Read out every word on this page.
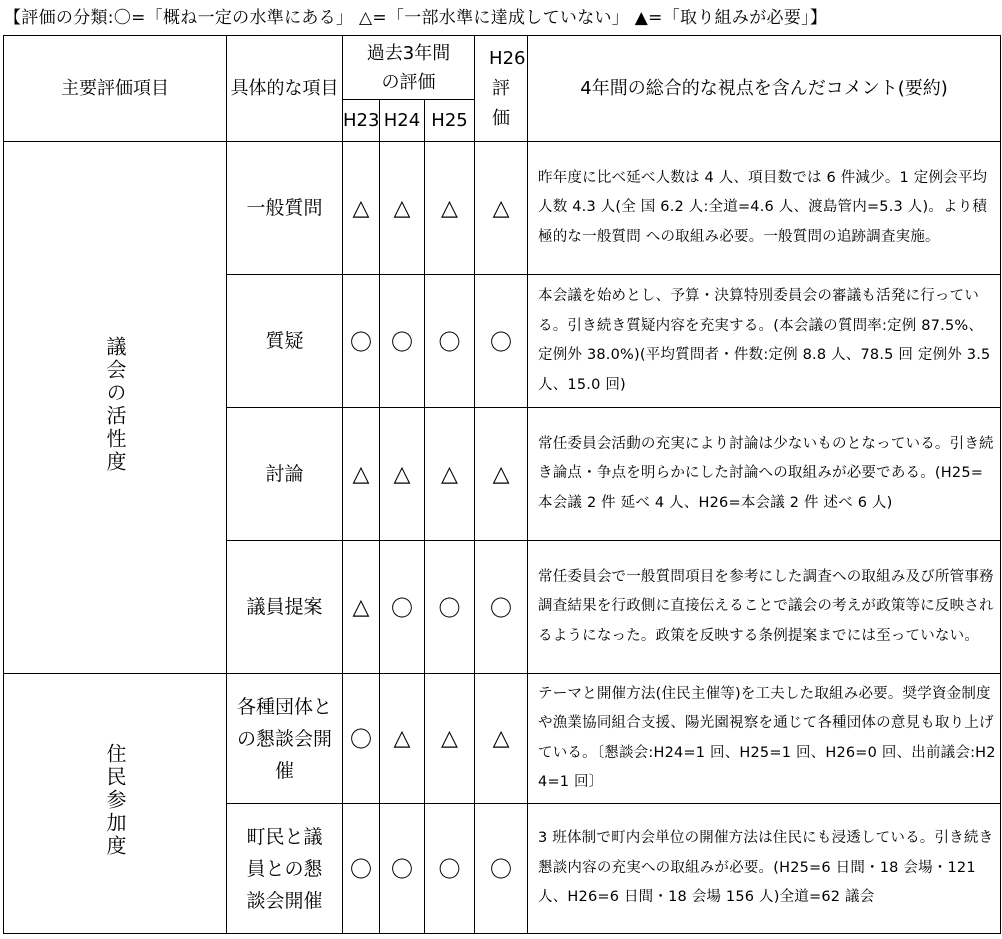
【評価の分類:〇=「概ね一定の水準にある」 △=「一部水準に達成していない」 ▲=「取り組みが必要」】
主要評価項目	具体的な項目	過去3年間の評価			H26評価	4年間の総合的な視点を含んだコメント(要約)
		H23	H24	H25		
議会の活性度	一般質問	△	△	△	△	昨年度に比べ延べ人数は 4 人、項目数では 6 件減少。1 定例会平均人数 4.3 人(全 国 6.2 人:全道=4.6 人、渡島管内=5.3 人)。より積極的な一般質問 への取組み必要。一般質問の追跡調査実施。
	質疑	〇	〇	〇	〇	本会議を始めとし、予算・決算特別委員会の審議も活発に行っている。引き続き質疑内容を充実する。(本会議の質問率:定例 87.5%、定例外 38.0%)(平均質問者・件数:定例 8.8 人、78.5 回 定例外 3.5 人、15.0 回)
	討論	△	△	△	△	常任委員会活動の充実により討論は少ないものとなっている。引き続き論点・争点を明らかにした討論への取組みが必要である。(H25=本会議 2 件 延べ 4 人、H26=本会議 2 件 述べ 6 人)
	議員提案	△	〇	〇	〇	常任委員会で一般質問項目を参考にした調査への取組み及び所管事務調査結果を行政側に直接伝えることで議会の考えが政策等に反映されるようになった。政策を反映する条例提案までには至っていない。
住民参加度	各種団体との懇談会開催	〇	△	△	△	テーマと開催方法(住民主催等)を工夫した取組み必要。奨学資金制度や漁業協同組合支援、陽光園視察を通じて各種団体の意見も取り上げている。〔懇談会:H24=1 回、H25=1 回、H26=0 回、出前議会:H24=1 回〕
	町民と議員との懇談会開催	〇	〇	〇	〇	3 班体制で町内会単位の開催方法は住民にも浸透している。引き続き懇談内容の充実への取組みが必要。(H25=6 日間・18 会場・121 人、H26=6 日間・18 会場 156 人)全道=62 議会
